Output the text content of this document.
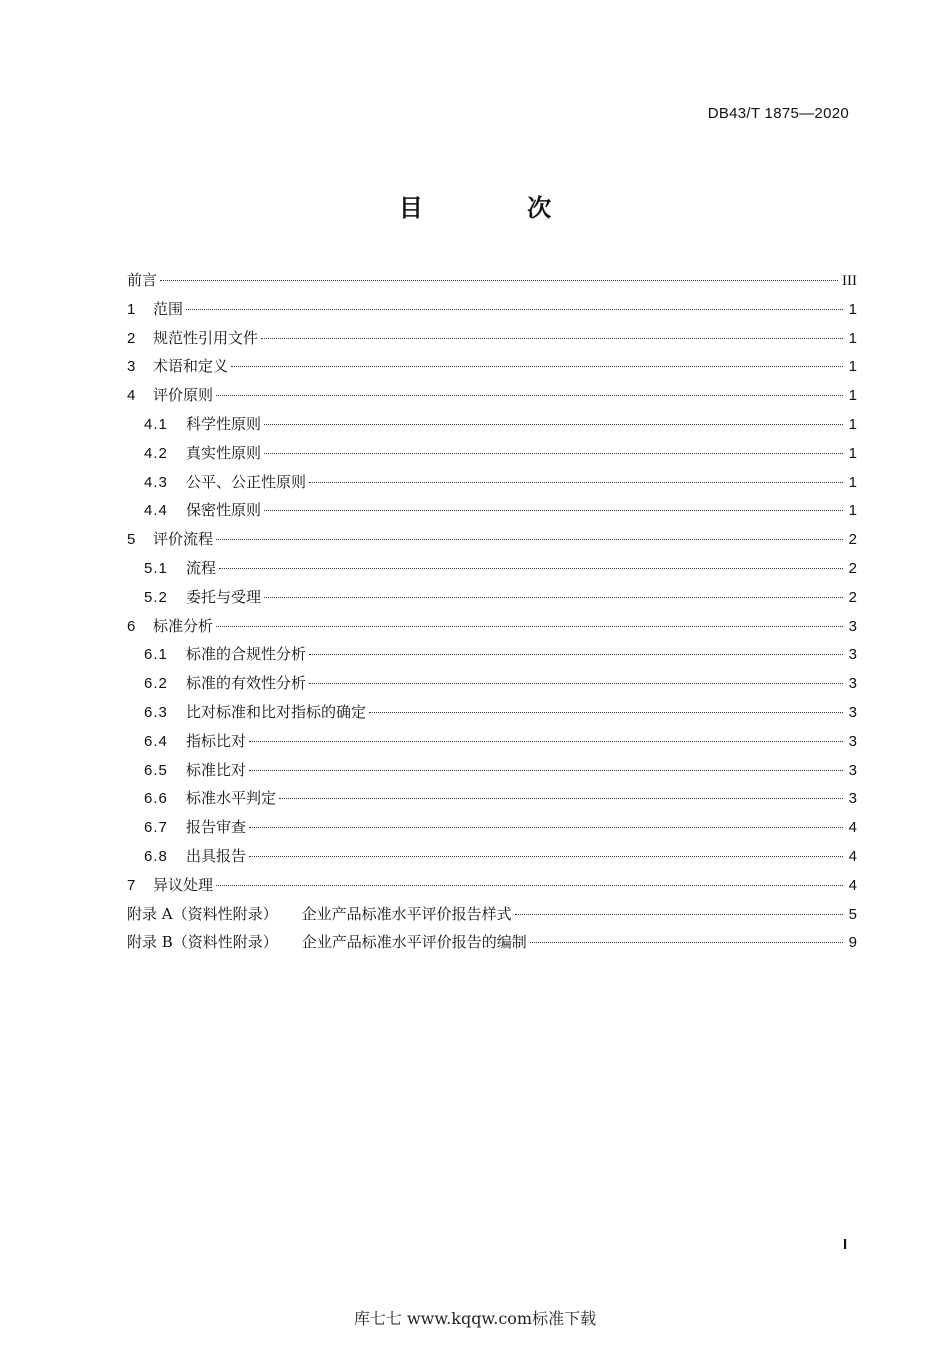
DB43/T 1875—2020
目 次
前言	III
1	范围	1
2	规范性引用文件	1
3	术语和定义	1
4	评价原则	1
4.1	科学性原则	1
4.2	真实性原则	1
4.3	公平、公正性原则	1
4.4	保密性原则	1
5	评价流程	2
5.1	流程	2
5.2	委托与受理	2
6	标准分析	3
6.1	标准的合规性分析	3
6.2	标准的有效性分析	3
6.3	比对标准和比对指标的确定	3
6.4	指标比对	3
6.5	标准比对	3
6.6	标准水平判定	3
6.7	报告审查	4
6.8	出具报告	4
7	异议处理	4
附录 A（资料性附录） 企业产品标准水平评价报告样式	5
附录 B（资料性附录） 企业产品标准水平评价报告的编制	9
I
库七七 www.kqqw.com标准下载
